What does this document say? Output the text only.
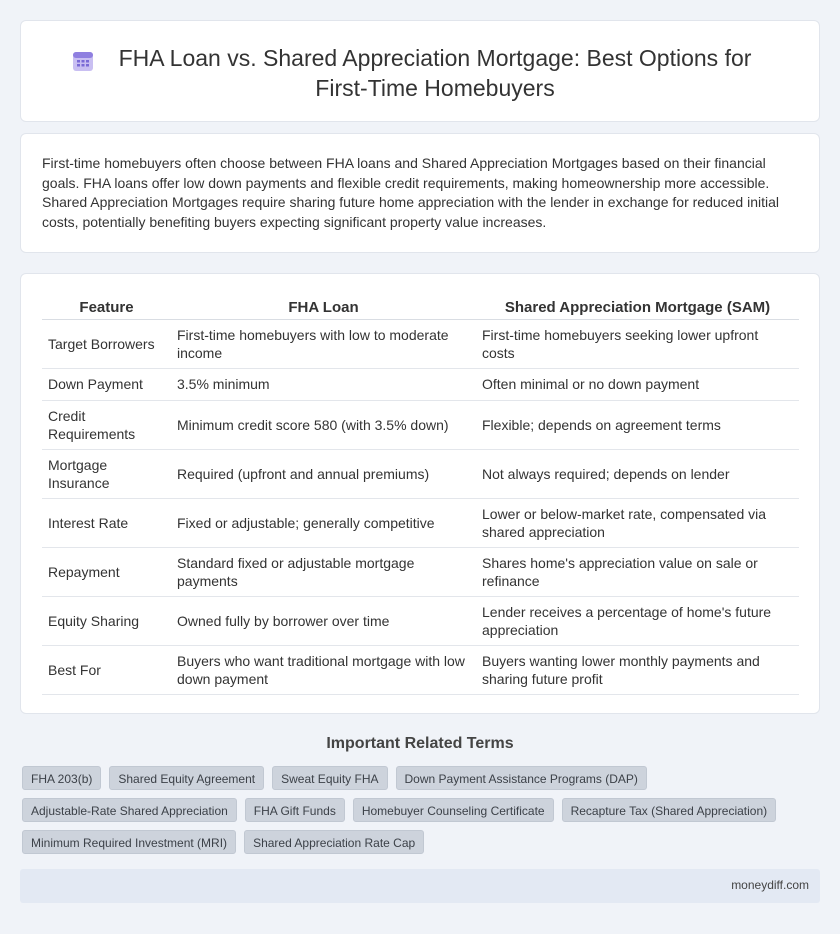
FHA Loan vs. Shared Appreciation Mortgage: Best Options for First-Time Homebuyers

First-time homebuyers often choose between FHA loans and Shared Appreciation Mortgages based on their financial goals. FHA loans offer low down payments and flexible credit requirements, making homeownership more accessible. Shared Appreciation Mortgages require sharing future home appreciation with the lender in exchange for reduced initial costs, potentially benefiting buyers expecting significant property value increases.

Feature	FHA Loan	Shared Appreciation Mortgage (SAM)
Target Borrowers	First-time homebuyers with low to moderate income	First-time homebuyers seeking lower upfront costs
Down Payment	3.5% minimum	Often minimal or no down payment
Credit Requirements	Minimum credit score 580 (with 3.5% down)	Flexible; depends on agreement terms
Mortgage Insurance	Required (upfront and annual premiums)	Not always required; depends on lender
Interest Rate	Fixed or adjustable; generally competitive	Lower or below-market rate, compensated via shared appreciation
Repayment	Standard fixed or adjustable mortgage payments	Shares home's appreciation value on sale or refinance
Equity Sharing	Owned fully by borrower over time	Lender receives a percentage of home's future appreciation
Best For	Buyers who want traditional mortgage with low down payment	Buyers wanting lower monthly payments and sharing future profit
Important Related Terms
FHA 203(b)	Shared Equity Agreement	Sweat Equity FHA	Down Payment Assistance Programs (DAP)
Adjustable-Rate Shared Appreciation	FHA Gift Funds	Homebuyer Counseling Certificate	Recapture Tax (Shared Appreciation)
Minimum Required Investment (MRI)	Shared Appreciation Rate Cap
moneydiff.com
